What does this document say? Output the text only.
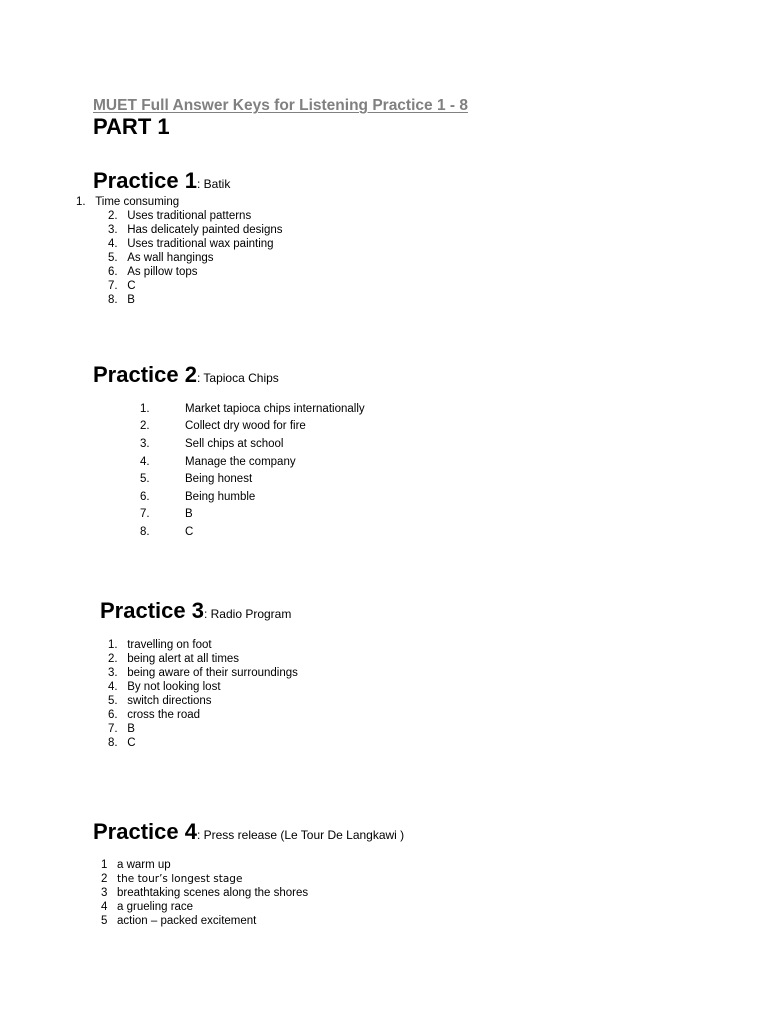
MUET Full Answer Keys for Listening Practice 1 - 8
PART 1
Practice 1: Batik
1. Time consuming
2. Uses traditional patterns
3. Has delicately painted designs
4. Uses traditional wax painting
5. As wall hangings
6. As pillow tops
7. C
8. B
Practice 2: Tapioca Chips
1.	Market tapioca chips internationally
2.	Collect dry wood for fire
3.	Sell chips at school
4.	Manage the company
5.	Being honest
6.	Being humble
7.	B
8.	C
Practice 3: Radio Program
1. travelling on foot
2. being alert at all times
3. being aware of their surroundings
4. By not looking lost
5. switch directions
6. cross the road
7. B
8. C
Practice 4: Press release (Le Tour De Langkawi )
1 a warm up
2 the tour’s longest stage
3 breathtaking scenes along the shores
4 a grueling race
5 action – packed excitement
